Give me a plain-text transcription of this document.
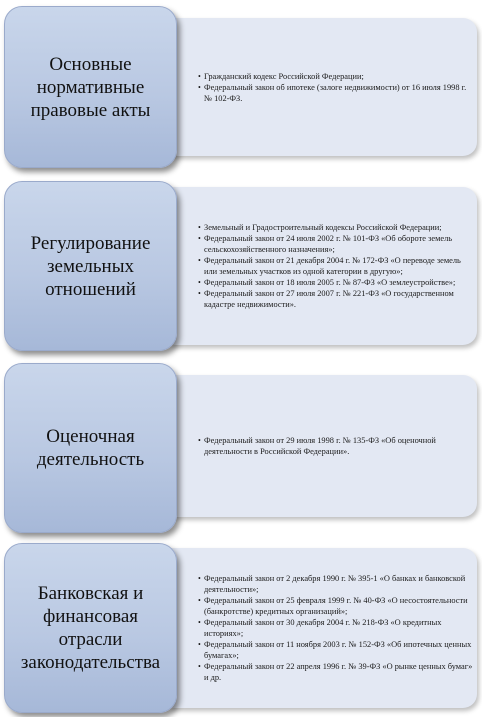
Основные нормативные правовые акты
• Гражданский кодекс Российской Федерации;
• Федеральный закон об ипотеке (залоге недвижимости) от 16 июля 1998 г. № 102-ФЗ.
Регулирование земельных отношений
• Земельный и Градостроительный кодексы Российской Федерации;
• Федеральный закон от 24 июля 2002 г. № 101-ФЗ «Об обороте земель сельскохозяйственного назначения»;
• Федеральный закон от 21 декабря 2004 г. № 172-ФЗ «О переводе земель или земельных участков из одной категории в другую»;
• Федеральный закон от 18 июля 2005 г. № 87-ФЗ «О землеустройстве»;
• Федеральный закон от 27 июля 2007 г. № 221-ФЗ «О государственном кадастре недвижимости».
Оценочная деятельность
• Федеральный закон от 29 июля 1998 г. № 135-ФЗ «Об оценочной деятельности в Российской Федерации».
Банковская и финансовая отрасли законодательства
• Федеральный закон от 2 декабря 1990 г. № 395-1 «О банках и банковской деятельности»;
• Федеральный закон от 25 февраля 1999 г. № 40-ФЗ «О несостоятельности (банкротстве) кредитных организаций»;
• Федеральный закон от 30 декабря 2004 г. № 218-ФЗ «О кредитных историях»;
• Федеральный закон от 11 ноября 2003 г. № 152-ФЗ «Об ипотечных ценных бумагах»;
• Федеральный закон от 22 апреля 1996 г. № 39-ФЗ «О рынке ценных бумаг» и др.
